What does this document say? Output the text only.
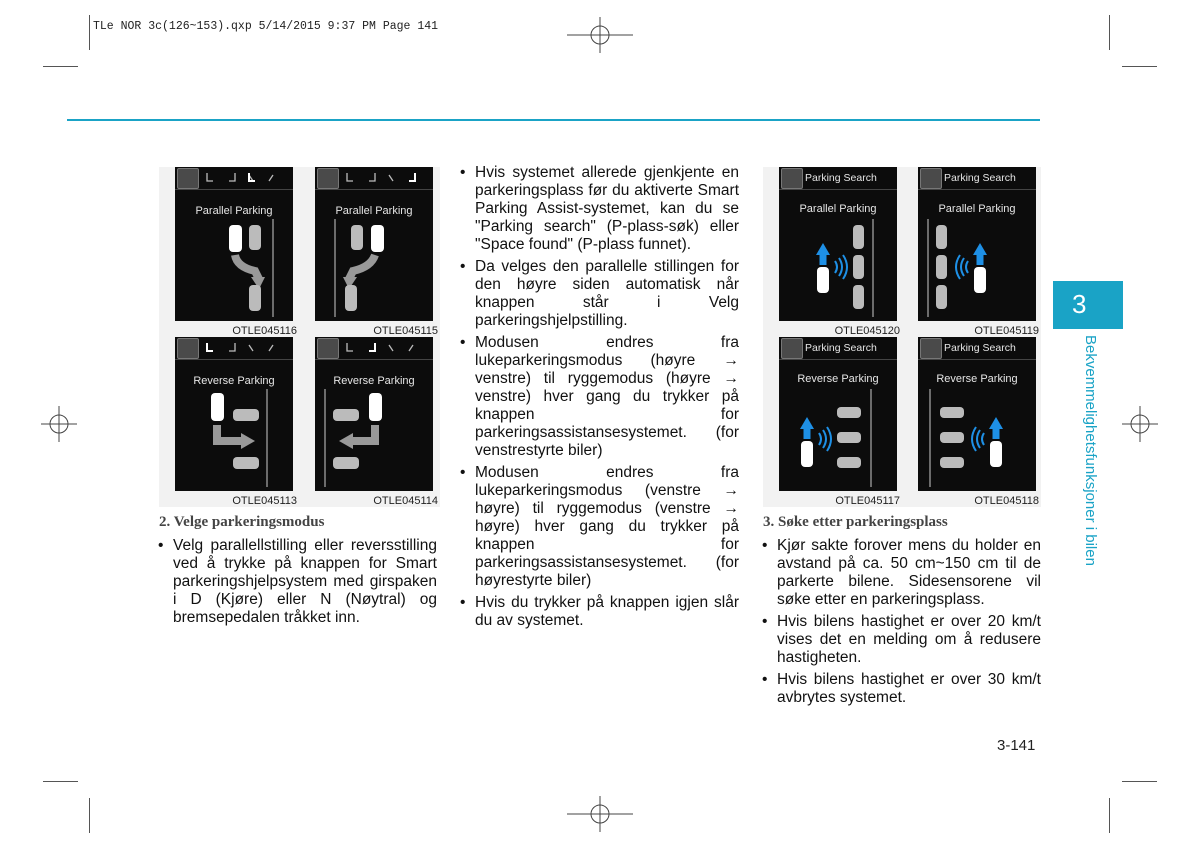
TLe NOR 3c(126~153).qxp 5/14/2015 9:37 PM Page 141
Parallel Parking
OTLE045116
Parallel Parking
OTLE045115
Reverse Parking
OTLE045113
Reverse Parking
OTLE045114
2. Velge parkeringsmodus
• Velg parallellstilling eller reversstilling ved å trykke på knappen for Smart parkeringshjelpsystem med girspaken i D (Kjøre) eller N (Nøytral) og bremsepedalen tråkket inn.
• Hvis systemet allerede gjenkjente en parkeringsplass før du aktiverte Smart Parking Assist-systemet, kan du se "Parking search" (P-plass-søk) eller "Space found" (P-plass funnet).
• Da velges den parallelle stillingen for den høyre siden automatisk når knappen står i Velg parkeringshjelpstilling.
• Modusen endres fra lukeparkeringsmodus (høyre → venstre) til ryggemodus (høyre → venstre) hver gang du trykker på knappen for parkeringsassistansesystemet. (for venstrestyrte biler)
• Modusen endres fra lukeparkeringsmodus (venstre → høyre) til ryggemodus (venstre → høyre) hver gang du trykker på knappen for parkeringsassistansesystemet. (for høyrestyrte biler)
• Hvis du trykker på knappen igjen slår du av systemet.
Parking Search
Parallel Parking
OTLE045120
Parking Search
Parallel Parking
OTLE045119
Parking Search
Reverse Parking
OTLE045117
Parking Search
Reverse Parking
OTLE045118
3. Søke etter parkeringsplass
• Kjør sakte forover mens du holder en avstand på ca. 50 cm~150 cm til de parkerte bilene. Sidesensorene vil søke etter en parkeringsplass.
• Hvis bilens hastighet er over 20 km/t vises det en melding om å redusere hastigheten.
• Hvis bilens hastighet er over 30 km/t avbrytes systemet.
3
Bekvemmelighetsfunksjoner i bilen
3-141
